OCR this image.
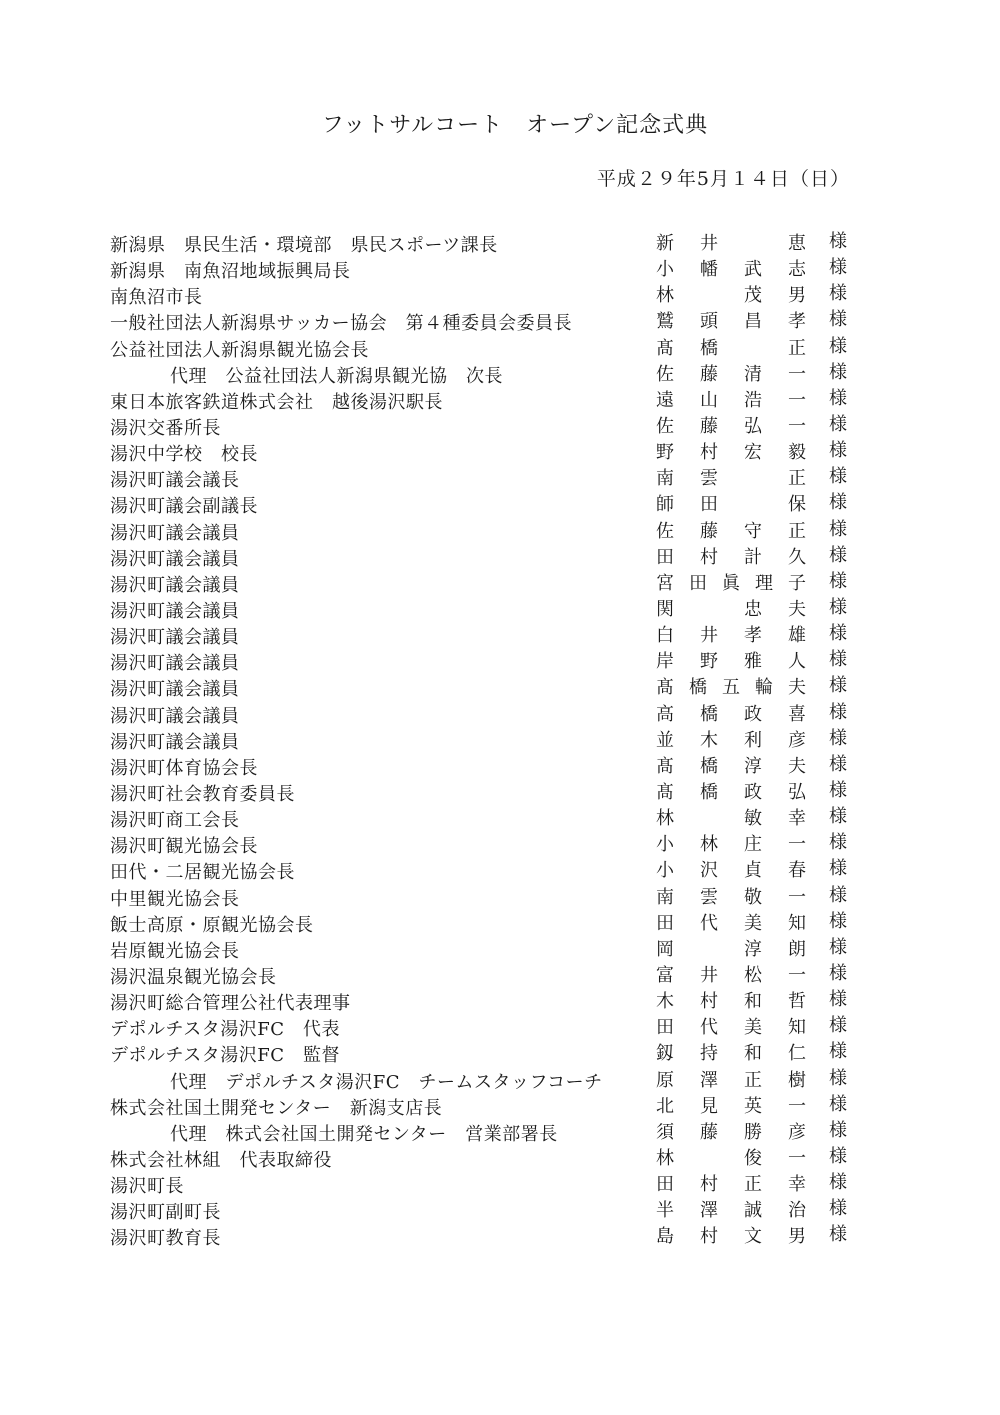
フットサルコート　オープン記念式典
平成２９年5月１４日（日）
新潟県　県民生活・環境部　県民スポーツ課長	新 井	恵 様
新潟県　南魚沼地域振興局長	小 幡 武 志 様
南魚沼市長	林	茂 男 様
一般社団法人新潟県サッカー協会　第４種委員会委員長	鷲 頭 昌 孝 様
公益社団法人新潟県観光協会長	髙 橋	正 様
代理　公益社団法人新潟県観光協　次長	佐 藤 清 一 様
東日本旅客鉄道株式会社　越後湯沢駅長	遠 山 浩 一 様
湯沢交番所長	佐 藤 弘 一 様
湯沢中学校　校長	野 村 宏 毅 様
湯沢町議会議長	南 雲	正 様
湯沢町議会副議長	師 田	保 様
湯沢町議会議員	佐 藤 守 正 様
湯沢町議会議員	田 村 計 久 様
湯沢町議会議員	宮 田 眞 理 子 様
湯沢町議会議員	関	忠 夫 様
湯沢町議会議員	白 井 孝 雄 様
湯沢町議会議員	岸 野 雅 人 様
湯沢町議会議員	髙 橋 五 輪 夫 様
湯沢町議会議員	高 橋 政 喜 様
湯沢町議会議員	並 木 利 彦 様
湯沢町体育協会長	髙 橋 淳 夫 様
湯沢町社会教育委員長	髙 橋 政 弘 様
湯沢町商工会長	林	敏 幸 様
湯沢町観光協会長	小 林 庄 一 様
田代・二居観光協会長	小 沢 貞 春 様
中里観光協会長	南 雲 敬 一 様
飯士高原・原観光協会長	田 代 美 知 様
岩原観光協会長	岡	淳 朗 様
湯沢温泉観光協会長	富 井 松 一 様
湯沢町総合管理公社代表理事	木 村 和 哲 様
デポルチスタ湯沢FC　代表	田 代 美 知 様
デポルチスタ湯沢FC　監督	釼 持 和 仁 様
代理　デポルチスタ湯沢FC　チームスタッフコーチ	原 澤 正 樹 様
株式会社国土開発センター　新潟支店長	北 見 英 一 様
代理　株式会社国土開発センター　営業部署長	須 藤 勝 彦 様
株式会社林組　代表取締役	林	俊 一 様
湯沢町長	田 村 正 幸 様
湯沢町副町長	半 澤 誠 治 様
湯沢町教育長	島 村 文 男 様
